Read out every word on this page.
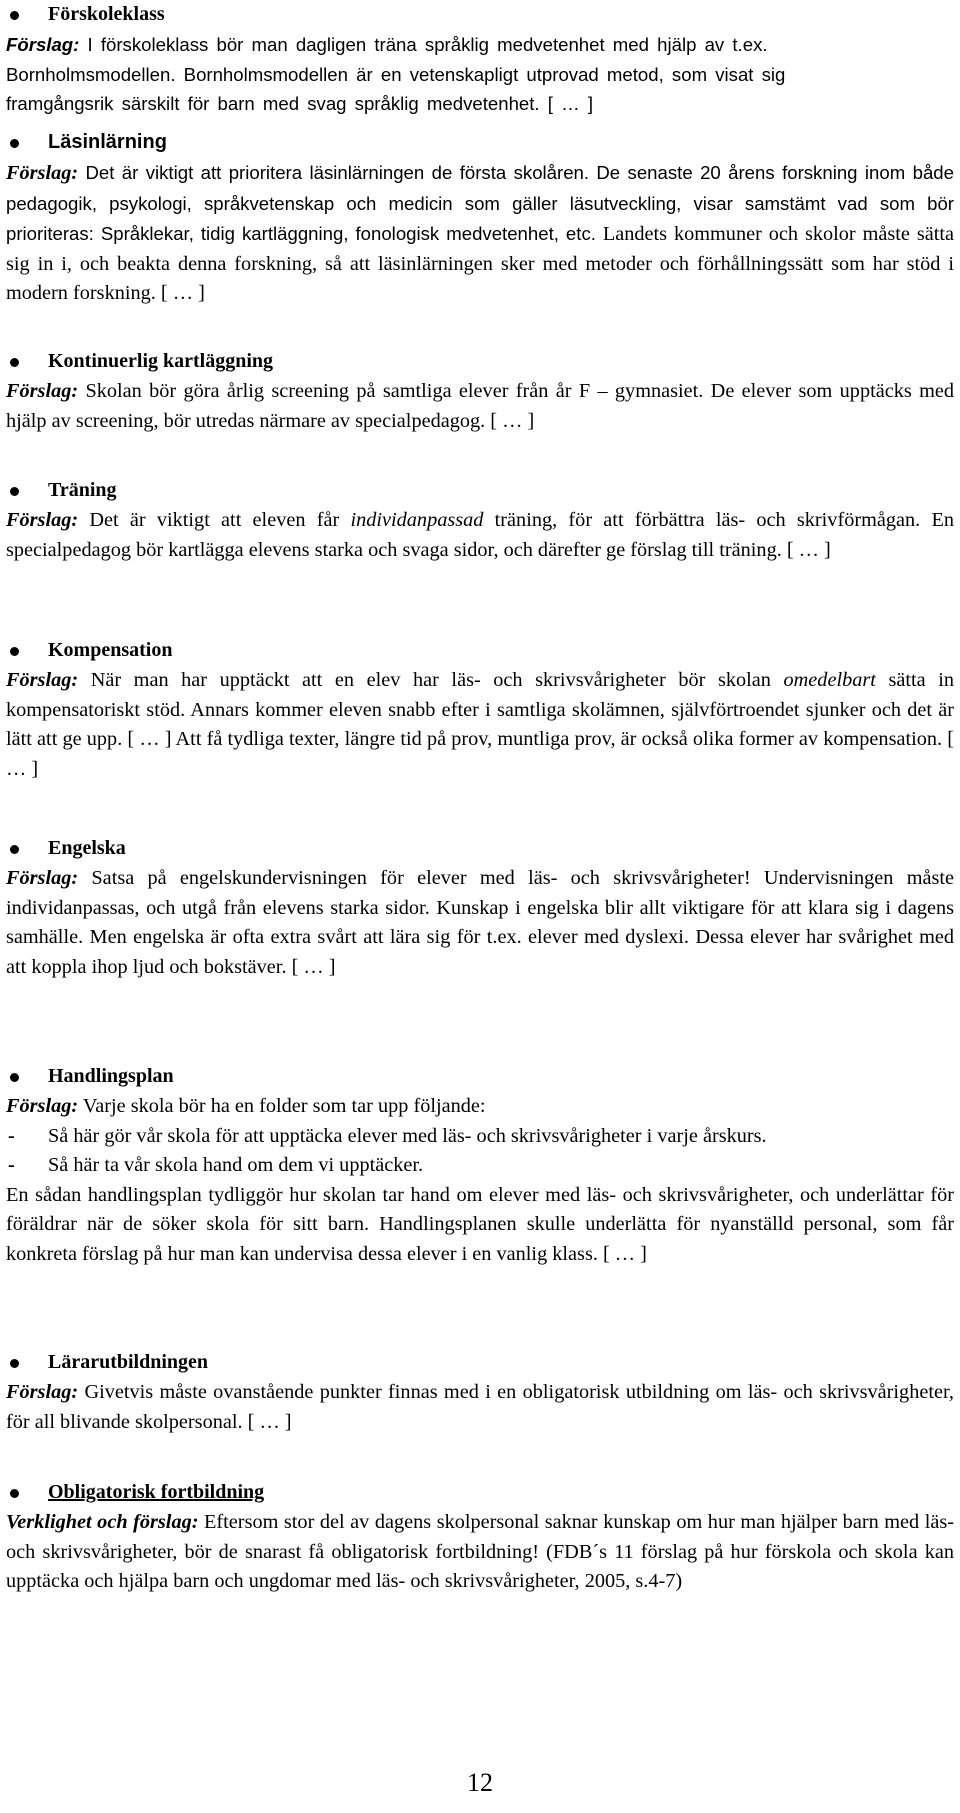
Förskoleklass

Förslag: I förskoleklass bör man dagligen träna språklig medvetenhet med hjälp av t.ex.
Bornholmsmodellen. Bornholmsmodellen är en vetenskapligt utprovad metod, som visat sig
framgångsrik särskilt för barn med svag språklig medvetenhet. [ … ]

Läsinlärning

Förslag: Det är viktigt att prioritera läsinlärningen de första skolåren. De senaste 20 årens forskning inom både pedagogik, psykologi, språkvetenskap och medicin som gäller läsutveckling, visar samstämt vad som bör prioriteras: Språklekar, tidig kartläggning, fonologisk medvetenhet, etc. Landets kommuner och skolor måste sätta sig in i, och beakta denna forskning, så att läsinlärningen sker med metoder och förhållningssätt som har stöd i modern forskning. [ … ]

Kontinuerlig kartläggning

Förslag: Skolan bör göra årlig screening på samtliga elever från år F – gymnasiet. De elever som upptäcks med hjälp av screening, bör utredas närmare av specialpedagog. [ … ]

Träning

Förslag: Det är viktigt att eleven får individanpassad träning, för att förbättra läs- och skrivförmågan. En specialpedagog bör kartlägga elevens starka och svaga sidor, och därefter ge förslag till träning. [ … ]

Kompensation

Förslag: När man har upptäckt att en elev har läs- och skrivsvårigheter bör skolan omedelbart sätta in kompensatoriskt stöd. Annars kommer eleven snabb efter i samtliga skolämnen, självförtroendet sjunker och det är lätt att ge upp. [ … ] Att få tydliga texter, längre tid på prov, muntliga prov, är också olika former av kompensation. [ … ]

Engelska

Förslag: Satsa på engelskundervisningen för elever med läs- och skrivsvårigheter! Undervisningen måste individanpassas, och utgå från elevens starka sidor. Kunskap i engelska blir allt viktigare för att klara sig i dagens samhälle. Men engelska är ofta extra svårt att lära sig för t.ex. elever med dyslexi. Dessa elever har svårighet med att koppla ihop ljud och bokstäver. [ … ]

Handlingsplan

Förslag: Varje skola bör ha en folder som tar upp följande:

-	Så här gör vår skola för att upptäcka elever med läs- och skrivsvårigheter i varje årskurs.

-	Så här ta vår skola hand om dem vi upptäcker.

En sådan handlingsplan tydliggör hur skolan tar hand om elever med läs- och skrivsvårigheter, och underlättar för föräldrar när de söker skola för sitt barn. Handlingsplanen skulle underlätta för nyanställd personal, som får konkreta förslag på hur man kan undervisa dessa elever i en vanlig klass. [ … ]

Lärarutbildningen

Förslag: Givetvis måste ovanstående punkter finnas med i en obligatorisk utbildning om läs- och skrivsvårigheter, för all blivande skolpersonal. [ … ]

Obligatorisk fortbildning

Verklighet och förslag: Eftersom stor del av dagens skolpersonal saknar kunskap om hur man hjälper barn med läs- och skrivsvårigheter, bör de snarast få obligatorisk fortbildning! (FDB´s 11 förslag på hur förskola och skola kan upptäcka och hjälpa barn och ungdomar med läs- och skrivsvårigheter, 2005, s.4-7)

12
